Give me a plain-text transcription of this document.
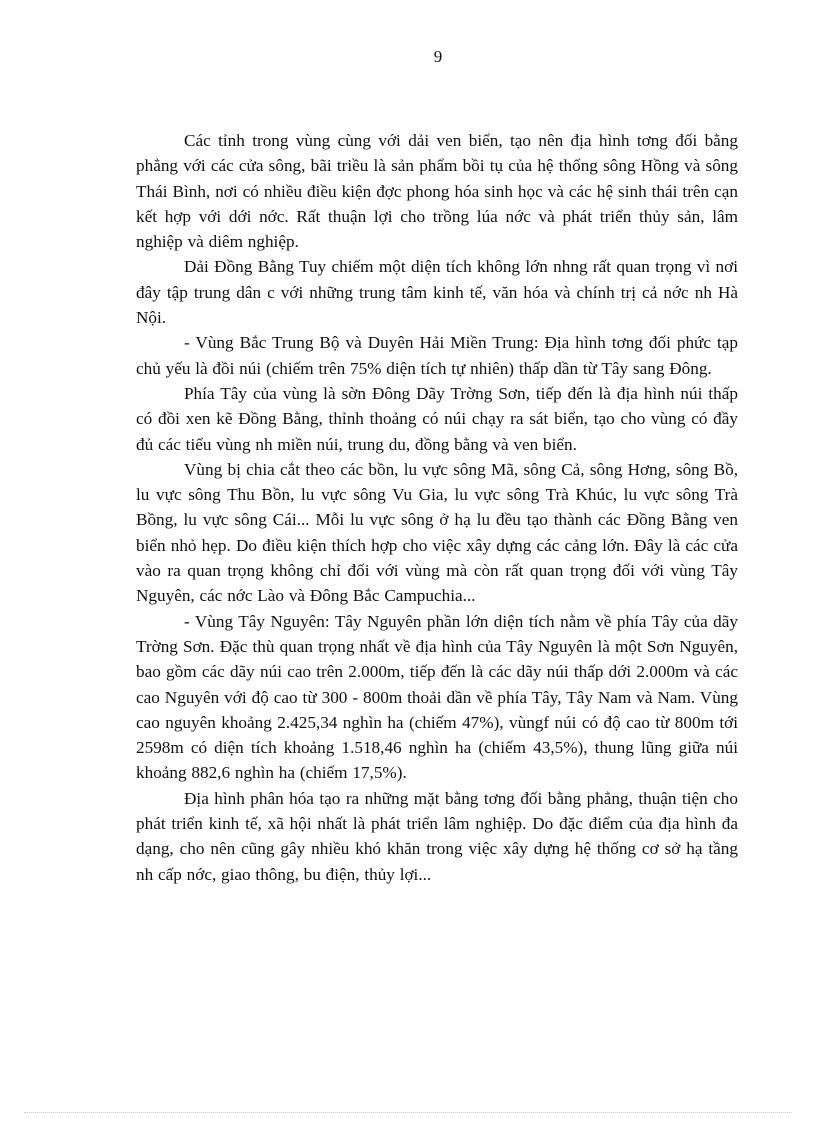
9

Các tỉnh trong vùng cùng với dải ven biển, tạo nên địa hình tơng đối bằng phẳng với các cửa sông, bãi triều là sản phẩm bồi tụ của hệ thống sông Hồng và sông Thái Bình, nơi có nhiều điều kiện đợc phong hóa sinh học và các hệ sinh thái trên cạn kết hợp với dới nớc. Rất thuận lợi cho trồng lúa nớc và phát triển thủy sản, lâm nghiệp và diêm nghiệp.

Dải Đồng Bằng Tuy chiếm một diện tích không lớn nhng rất quan trọng vì nơi đây tập trung dân c với những trung tâm kinh tế, văn hóa và chính trị cả nớc nh Hà Nội.

- Vùng Bắc Trung Bộ và Duyên Hải Miền Trung: Địa hình tơng đối phức tạp chủ yếu là đồi núi (chiếm trên 75% diện tích tự nhiên) thấp dần từ Tây sang Đông.

Phía Tây của vùng là sờn Đông Dãy Trờng Sơn, tiếp đến là địa hình núi thấp có đồi xen kẽ Đồng Bằng, thỉnh thoảng có núi chạy ra sát biển, tạo cho vùng có đầy đủ các tiểu vùng nh miền núi, trung du, đồng bằng và ven biển.

Vùng bị chia cắt theo các bồn, lu vực sông Mã, sông Cả, sông Hơng, sông Bồ, lu vực sông Thu Bồn, lu vực sông Vu Gia, lu vực sông Trà Khúc, lu vực sông Trà Bồng, lu vực sông Cái... Mỗi lu vực sông ở hạ lu đều tạo thành các Đồng Bằng ven biển nhỏ hẹp. Do điều kiện thích hợp cho việc xây dựng các cảng lớn. Đây là các cửa vào ra quan trọng không chỉ đối với vùng mà còn rất quan trọng đối với vùng Tây Nguyên, các nớc Lào và Đông Bắc Campuchia...

- Vùng Tây Nguyên: Tây Nguyên phần lớn diện tích nằm về phía Tây của dãy Trờng Sơn. Đặc thù quan trọng nhất về địa hình của Tây Nguyên là một Sơn Nguyên, bao gồm các dãy núi cao trên 2.000m, tiếp đến là các dãy núi thấp dới 2.000m và các cao Nguyên với độ cao từ 300 - 800m thoải dần về phía Tây, Tây Nam và Nam. Vùng cao nguyên khoảng 2.425,34 nghìn ha (chiếm 47%), vùngf núi có độ cao từ 800m tới 2598m có diện tích khoảng 1.518,46 nghìn ha (chiếm 43,5%), thung lũng giữa núi khoảng 882,6 nghìn ha (chiếm 17,5%).

Địa hình phân hóa tạo ra những mặt bằng tơng đối bằng phẳng, thuận tiện cho phát triển kinh tế, xã hội nhất là phát triển lâm nghiệp. Do đặc điểm của địa hình đa dạng, cho nên cũng gây nhiều khó khăn trong việc xây dựng hệ thống cơ sở hạ tầng nh cấp nớc, giao thông, bu điện, thủy lợi...
